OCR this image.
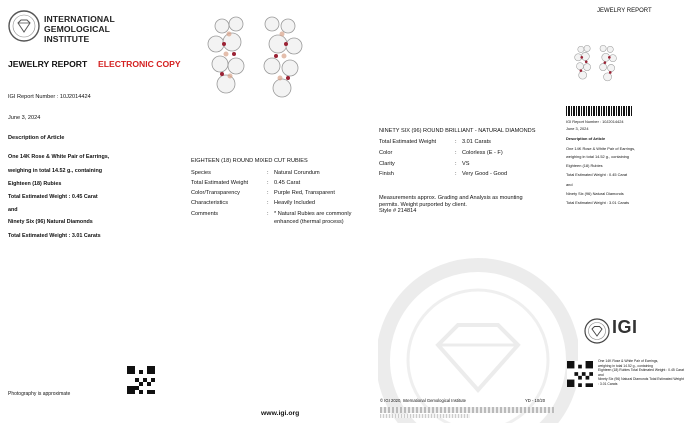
INTERNATIONAL
GEMOLOGICAL
INSTITUTE
JEWELRY REPORT ELECTRONIC COPY
IGI Report Number : 10J2014424
June 3, 2024
Description of Article
One 14K Rose & White Pair of Earrings,
weighing in total 14.52 g., containing
Eighteen (18) Rubies
Total Estimated Weight : 0.45 Carat
and
Ninety Six (96) Natural Diamonds
Total Estimated Weight : 3.01 Carats
EIGHTEEN (18) ROUND MIXED CUT RUBIES
Species	: Natural Corundum
Total Estimated Weight	: 0.45 Carat
Color/Transparency	: Purple Red, Transparent
Characteristics	: Heavily Included
Comments	: * Natural Rubies are commonly
enhanced (thermal process)
NINETY SIX (96) ROUND BRILLIANT - NATURAL DIAMONDS
Total Estimated Weight	: 3.01 Carats
Color	: Colorless (E - F)
Clarity	: VS
Finish	: Very Good - Good
Measurements approx. Grading and Analysis as mounting
permits. Weight purported by client.
Style # 214814
Photography is approximate
www.igi.org
© IGI 2020, International Gemological Institute	YD - 10/20
JEWELRY REPORT
IGI Report Number : 10J2014424
June 3, 2024
Description of Article
One 14K Rose & White Pair of Earrings,
weighing in total 14.52 g., containing
Eighteen (18) Rubies
Total Estimated Weight : 0.45 Carat
and
Ninety Six (96) Natural Diamonds
Total Estimated Weight : 3.01 Carats
IGI
One 14K Rose & White Pair of Earrings,
weighing in total 14.52 g., containing
Eighteen (18) Rubies Total Estimated Weight : 0.45 Carat
and
Ninety Six (96) Natural Diamonds Total Estimated Weight
: 3.01 Carats
